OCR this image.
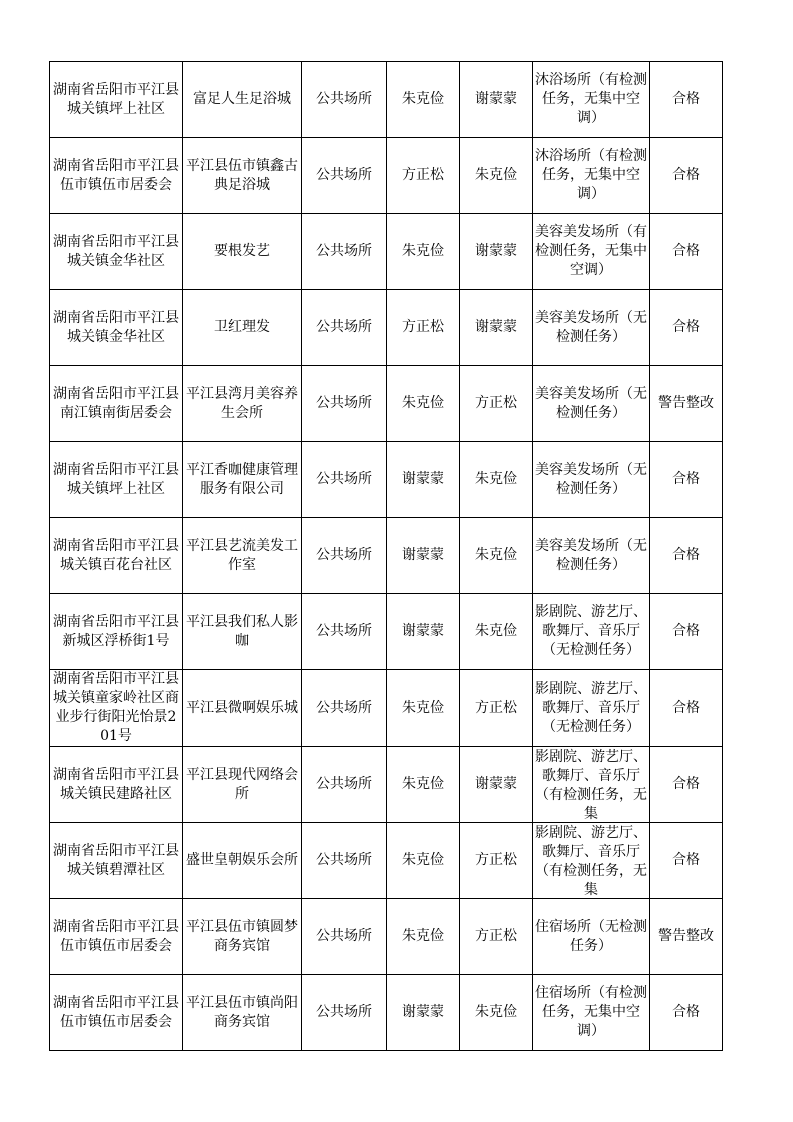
湖南省岳阳市平江县城关镇坪上社区	富足人生足浴城	公共场所	朱克俭	谢蒙蒙	沐浴场所（有检测任务，无集中空调）	合格
湖南省岳阳市平江县伍市镇伍市居委会	平江县伍市镇鑫古典足浴城	公共场所	方正松	朱克俭	沐浴场所（有检测任务，无集中空调）	合格
湖南省岳阳市平江县城关镇金华社区	要根发艺	公共场所	朱克俭	谢蒙蒙	美容美发场所（有检测任务，无集中空调）	合格
湖南省岳阳市平江县城关镇金华社区	卫红理发	公共场所	方正松	谢蒙蒙	美容美发场所（无检测任务）	合格
湖南省岳阳市平江县南江镇南街居委会	平江县湾月美容养生会所	公共场所	朱克俭	方正松	美容美发场所（无检测任务）	警告整改
湖南省岳阳市平江县城关镇坪上社区	平江香咖健康管理服务有限公司	公共场所	谢蒙蒙	朱克俭	美容美发场所（无检测任务）	合格
湖南省岳阳市平江县城关镇百花台社区	平江县艺流美发工作室	公共场所	谢蒙蒙	朱克俭	美容美发场所（无检测任务）	合格
湖南省岳阳市平江县新城区浮桥街1号	平江县我们私人影咖	公共场所	谢蒙蒙	朱克俭	影剧院、游艺厅、歌舞厅、音乐厅（无检测任务）	合格
湖南省岳阳市平江县城关镇童家岭社区商业步行街阳光怡景201号	平江县微啊娱乐城	公共场所	朱克俭	方正松	影剧院、游艺厅、歌舞厅、音乐厅（无检测任务）	合格
湖南省岳阳市平江县城关镇民建路社区	平江县现代网络会所	公共场所	朱克俭	谢蒙蒙	影剧院、游艺厅、歌舞厅、音乐厅（有检测任务，无集	合格
湖南省岳阳市平江县城关镇碧潭社区	盛世皇朝娱乐会所	公共场所	朱克俭	方正松	影剧院、游艺厅、歌舞厅、音乐厅（有检测任务，无集	合格
湖南省岳阳市平江县伍市镇伍市居委会	平江县伍市镇圆梦商务宾馆	公共场所	朱克俭	方正松	住宿场所（无检测任务）	警告整改
湖南省岳阳市平江县伍市镇伍市居委会	平江县伍市镇尚阳商务宾馆	公共场所	谢蒙蒙	朱克俭	住宿场所（有检测任务，无集中空调）	合格
